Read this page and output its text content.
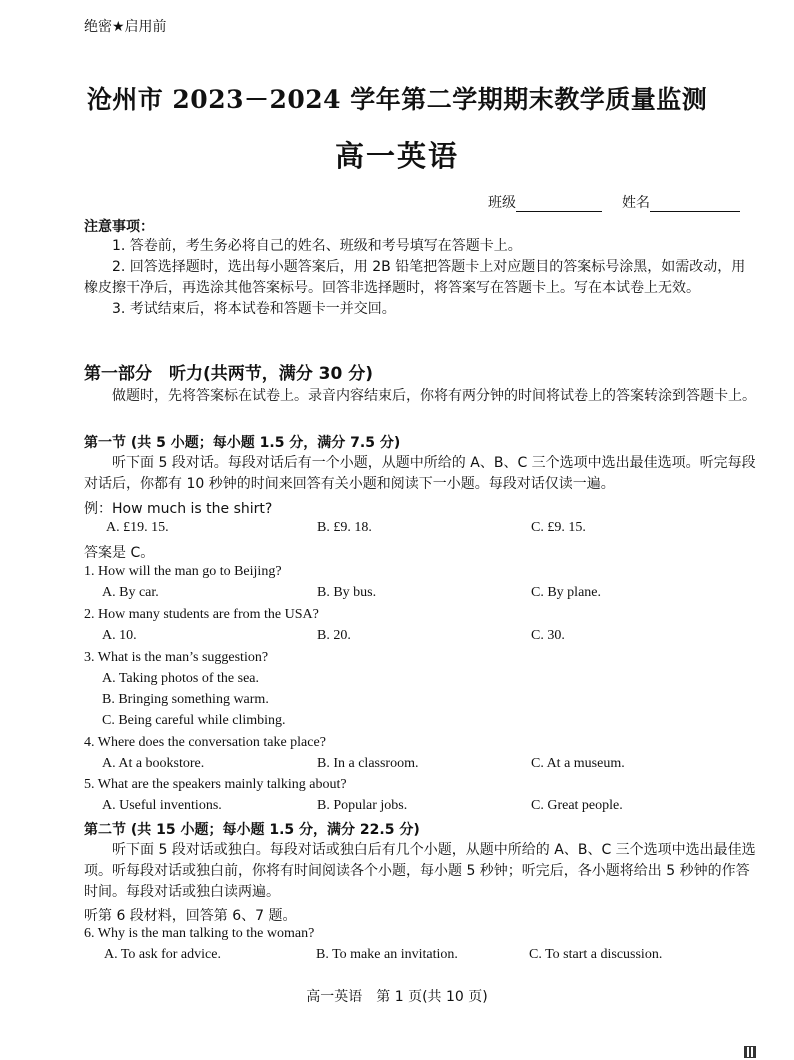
绝密★启用前
沧州市 2023－2024 学年第二学期期末教学质量监测
高一英语
班级	姓名
注意事项：

1. 答卷前，考生务必将自己的姓名、班级和考号填写在答题卡上。

2. 回答选择题时，选出每小题答案后，用 2B 铅笔把答题卡上对应题目的答案标号涂黑，如需改动，用橡皮擦干净后，再选涂其他答案标号。回答非选择题时，将答案写在答题卡上。写在本试卷上无效。

3. 考试结束后，将本试卷和答题卡一并交回。

第一部分　听力(共两节，满分 30 分)

做题时，先将答案标在试卷上。录音内容结束后，你将有两分钟的时间将试卷上的答案转涂到答题卡上。

第一节 (共 5 小题；每小题 1.5 分，满分 7.5 分)

听下面 5 段对话。每段对话后有一个小题，从题中所给的 A、B、C 三个选项中选出最佳选项。听完每段对话后，你都有 10 秒钟的时间来回答有关小题和阅读下一小题。每段对话仅读一遍。

例：How much is the shirt?
A. £19. 15.	B. £9. 18.	C. £9. 15.
答案是 C。
1. How will the man go to Beijing?
A. By car.	B. By bus.	C. By plane.
2. How many students are from the USA?
A. 10.	B. 20.	C. 30.
3. What is the man’s suggestion?
A. Taking photos of the sea.
B. Bringing something warm.
C. Being careful while climbing.
4. Where does the conversation take place?
A. At a bookstore.	B. In a classroom.	C. At a museum.
5. What are the speakers mainly talking about?
A. Useful inventions.	B. Popular jobs.	C. Great people.
第二节 (共 15 小题；每小题 1.5 分，满分 22.5 分)

听下面 5 段对话或独白。每段对话或独白后有几个小题，从题中所给的 A、B、C 三个选项中选出最佳选项。听每段对话或独白前，你将有时间阅读各个小题，每小题 5 秒钟；听完后，各小题将给出 5 秒钟的作答时间。每段对话或独白读两遍。

听第 6 段材料，回答第 6、7 题。
6. Why is the man talking to the woman?
A. To ask for advice.	B. To make an invitation.	C. To start a discussion.
高一英语　第 1 页(共 10 页)
